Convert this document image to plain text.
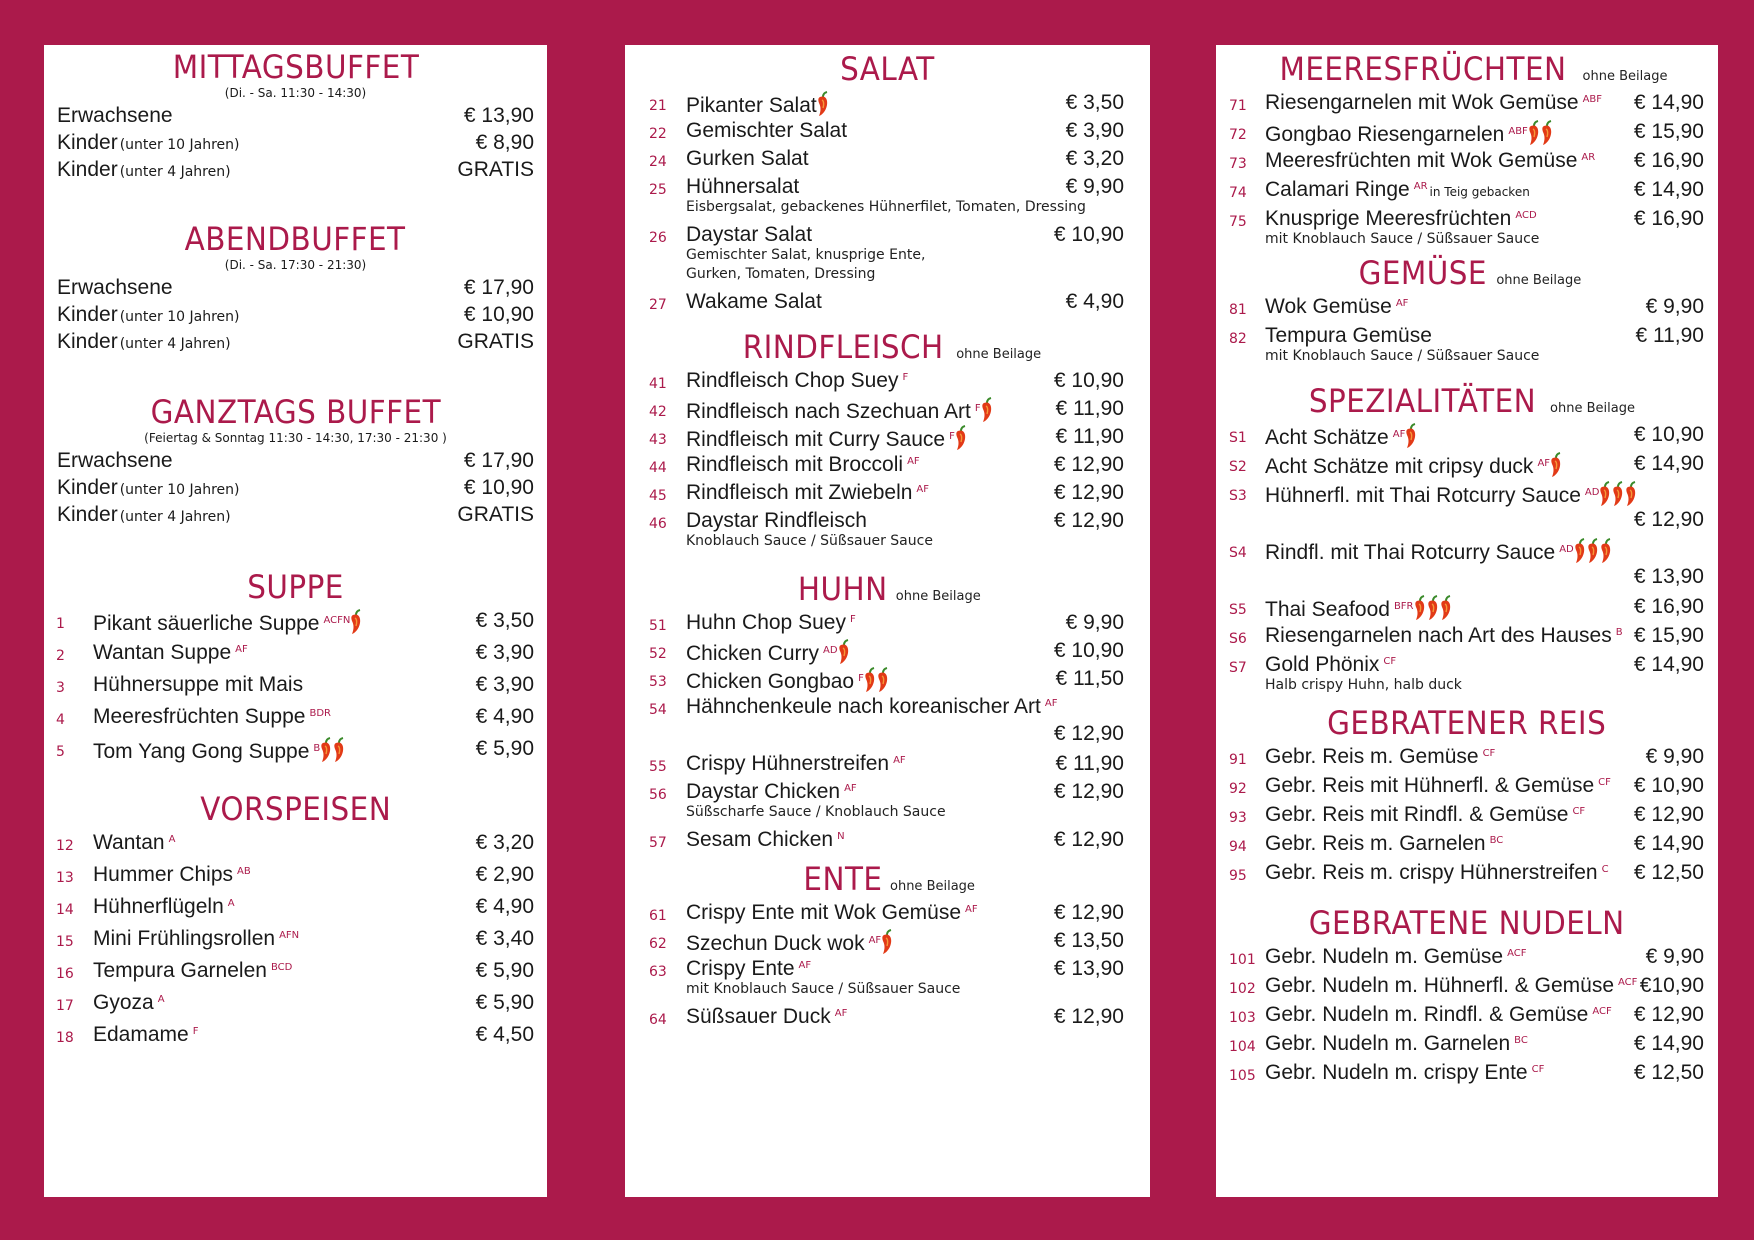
MITTAGSBUFFET
(Di. - Sa. 11:30 - 14:30)
Erwachsene	€ 13,90
Kinder (unter 10 Jahren)	€ 8,90
Kinder (unter 4 Jahren)	GRATIS
ABENDBUFFET
(Di. - Sa. 17:30 - 21:30)
Erwachsene	€ 17,90
Kinder (unter 10 Jahren)	€ 10,90
Kinder (unter 4 Jahren)	GRATIS
GANZTAGS BUFFET
(Feiertag & Sonntag 11:30 - 14:30, 17:30 - 21:30 )
Erwachsene	€ 17,90
Kinder (unter 10 Jahren)	€ 10,90
Kinder (unter 4 Jahren)	GRATIS
SUPPE
1 Pikant säuerliche Suppe $^{ACFN}$	€ 3,50
2 Wantan Suppe $^{AF}$	€ 3,90
3 Hühnersuppe mit Mais	€ 3,90
4 Meeresfrüchten Suppe $^{BDR}$	€ 4,90
5 Tom Yang Gong Suppe $^B$	€ 5,90
VORSPEISEN
12 Wantan $^A$	€ 3,20
13 Hummer Chips $^{AB}$	€ 2,90
14 Hühnerflügeln $^A$	€ 4,90
15 Mini Frühlingsrollen $^{AFN}$	€ 3,40
16 Tempura Garnelen $^{BCD}$	€ 5,90
17 Gyoza $^A$	€ 5,90
18 Edamame $^F$	€ 4,50
SALAT
21 Pikanter Salat	€ 3,50
22 Gemischter Salat	€ 3,90
24 Gurken Salat	€ 3,20
25 Hühnersalat	€ 9,90
Eisbergsalat, gebackenes Hühnerfilet, Tomaten, Dressing
26 Daystar Salat	€ 10,90
Gemischter Salat, knusprige Ente,
Gurken, Tomaten, Dressing
27 Wakame Salat	€ 4,90
RINDFLEISCH ohne Beilage
41 Rindfleisch Chop Suey $^F$	€ 10,90
42 Rindfleisch nach Szechuan Art $^F$	€ 11,90
43 Rindfleisch mit Curry Sauce $^F$	€ 11,90
44 Rindfleisch mit Broccoli $^{AF}$	€ 12,90
45 Rindfleisch mit Zwiebeln $^{AF}$	€ 12,90
46 Daystar Rindfleisch	€ 12,90
Knoblauch Sauce / Süßsauer Sauce
HUHN ohne Beilage
51 Huhn Chop Suey $^F$	€ 9,90
52 Chicken Curry $^{AD}$	€ 10,90
53 Chicken Gongbao $^F$	€ 11,50
54 Hähnchenkeule nach koreanischer Art $^{AF}$
€ 12,90
55 Crispy Hühnerstreifen $^{AF}$	€ 11,90
56 Daystar Chicken $^{AF}$	€ 12,90
Süßscharfe Sauce / Knoblauch Sauce
57 Sesam Chicken $^N$	€ 12,90
ENTE ohne Beilage
61 Crispy Ente mit Wok Gemüse $^{AF}$	€ 12,90
62 Szechun Duck wok $^{AF}$	€ 13,50
63 Crispy Ente $^{AF}$	€ 13,90
mit Knoblauch Sauce / Süßsauer Sauce
64 Süßsauer Duck $^{AF}$	€ 12,90
MEERESFRÜCHTEN ohne Beilage
71 Riesengarnelen mit Wok Gemüse $^{ABF}$ € 14,90
72 Gongbao Riesengarnelen $^{ABF}$	€ 15,90
73 Meeresfrüchten mit Wok Gemüse $^{AR}$ € 16,90
74 Calamari Ringe $^{AR}$ in Teig gebacken	€ 14,90
75 Knusprige Meeresfrüchten $^{ACD}$	€ 16,90
mit Knoblauch Sauce / Süßsauer Sauce
GEMÜSE ohne Beilage
81 Wok Gemüse $^{AF}$	€ 9,90
82 Tempura Gemüse	€ 11,90
mit Knoblauch Sauce / Süßsauer Sauce
SPEZIALITÄTEN ohne Beilage
S1 Acht Schätze $^{AF}$	€ 10,90
S2 Acht Schätze mit cripsy duck $^{AF}$	€ 14,90
S3 Hühnerfl. mit Thai Rotcurry Sauce $^{AD}$
€ 12,90
S4 Rindfl. mit Thai Rotcurry Sauce $^{AD}$
€ 13,90
S5 Thai Seafood $^{BFR}$	€ 16,90
S6 Riesengarnelen nach Art des Hauses $^B$ € 15,90
S7 Gold Phönix $^{CF}$	€ 14,90
Halb crispy Huhn, halb duck
GEBRATENER REIS
91 Gebr. Reis m. Gemüse $^{CF}$	€ 9,90
92 Gebr. Reis mit Hühnerfl. & Gemüse $^{CF}$ € 10,90
93 Gebr. Reis mit Rindfl. & Gemüse $^{CF}$ € 12,90
94 Gebr. Reis m. Garnelen $^{BC}$	€ 14,90
95 Gebr. Reis m. crispy Hühnerstreifen $^C$ € 12,50
GEBRATENE NUDELN
101 Gebr. Nudeln m. Gemüse $^{ACF}$	€ 9,90
102 Gebr. Nudeln m. Hühnerfl. & Gemüse $^{ACF}$ €10,90
103 Gebr. Nudeln m. Rindfl. & Gemüse $^{ACF}$ € 12,90
104 Gebr. Nudeln m. Garnelen $^{BC}$	€ 14,90
105 Gebr. Nudeln m. crispy Ente $^{CF}$	€ 12,50
